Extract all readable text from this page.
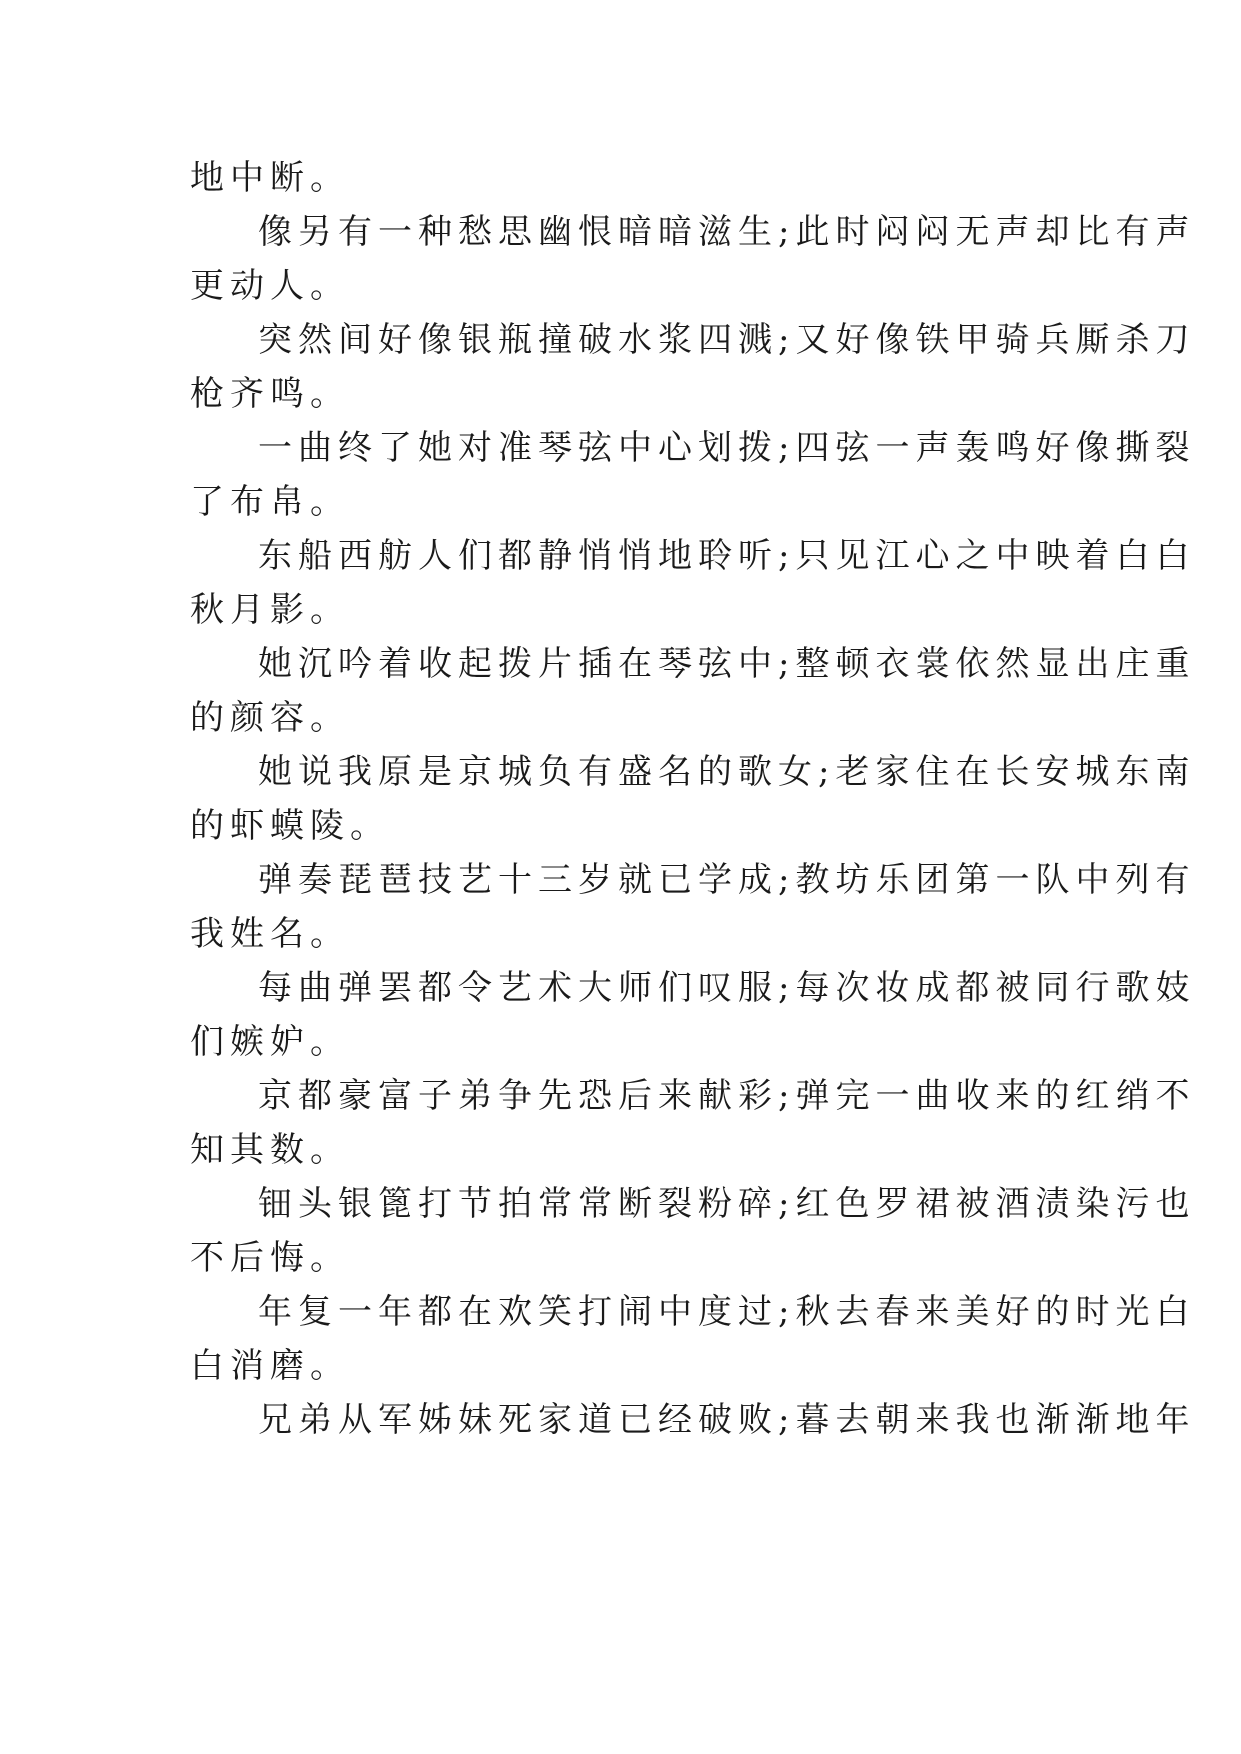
地中断。
像另有一种愁思幽恨暗暗滋生;此时闷闷无声却比有声
更动人。
突然间好像银瓶撞破水浆四溅;又好像铁甲骑兵厮杀刀
枪齐鸣。
一曲终了她对准琴弦中心划拨;四弦一声轰鸣好像撕裂
了布帛。
东船西舫人们都静悄悄地聆听;只见江心之中映着白白
秋月影。
她沉吟着收起拨片插在琴弦中;整顿衣裳依然显出庄重
的颜容。
她说我原是京城负有盛名的歌女;老家住在长安城东南
的虾蟆陵。
弹奏琵琶技艺十三岁就已学成;教坊乐团第一队中列有
我姓名。
每曲弹罢都令艺术大师们叹服;每次妆成都被同行歌妓
们嫉妒。
京都豪富子弟争先恐后来献彩;弹完一曲收来的红绡不
知其数。
钿头银篦打节拍常常断裂粉碎;红色罗裙被酒渍染污也
不后悔。
年复一年都在欢笑打闹中度过;秋去春来美好的时光白
白消磨。
兄弟从军姊妹死家道已经破败;暮去朝来我也渐渐地年
